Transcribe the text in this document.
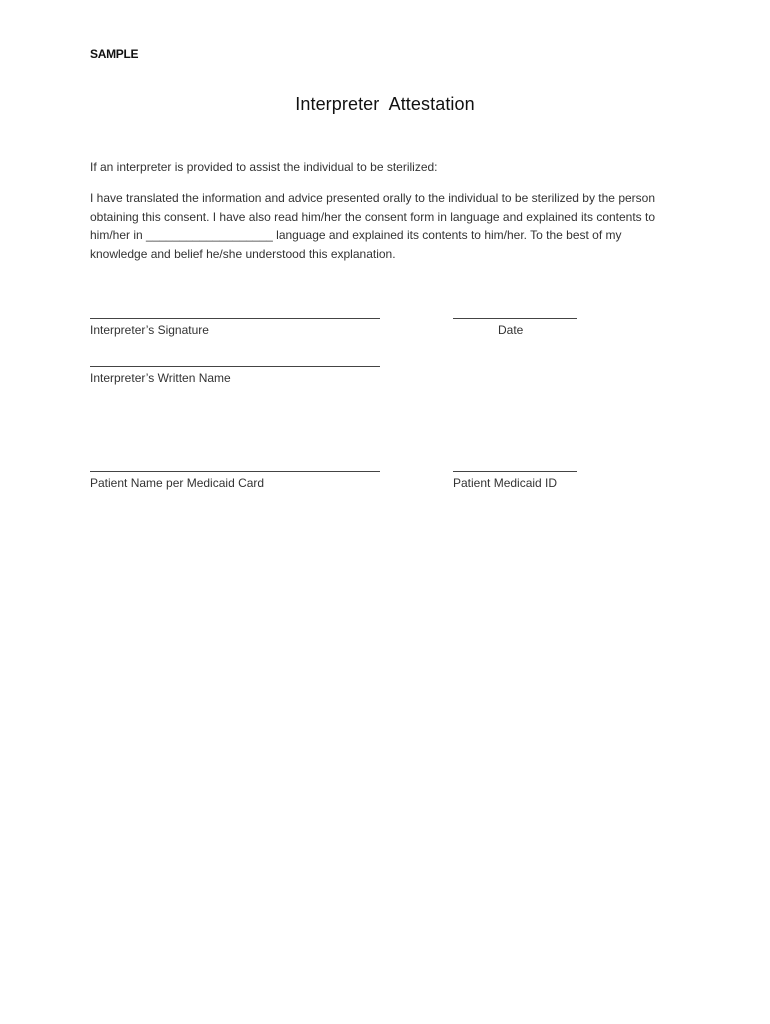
SAMPLE
Interpreter  Attestation
If an interpreter is provided to assist the individual to be sterilized:
I have translated the information and advice presented orally to the individual to be sterilized by the person obtaining this consent. I have also read him/her the consent form in language and explained its contents to him/her in ___________________ language and explained its contents to him/her. To the best of my knowledge and belief he/she understood this explanation.
Interpreter’s Signature	Date
Interpreter’s Written Name
Patient Name per Medicaid Card	Patient Medicaid ID
